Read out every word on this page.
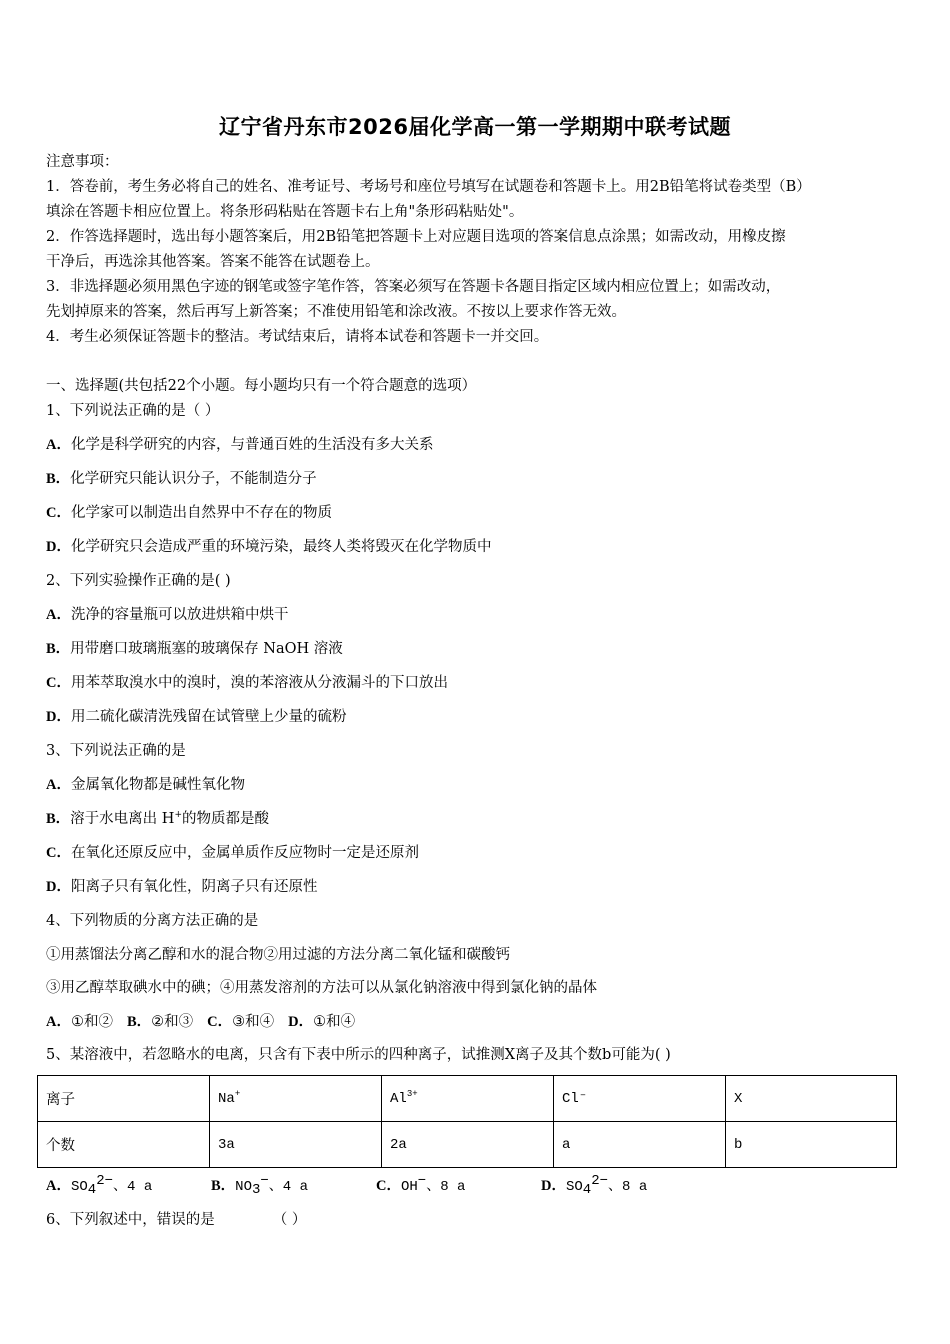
辽宁省丹东市2026届化学高一第一学期期中联考试题
注意事项：
1．答卷前，考生务必将自己的姓名、准考证号、考场号和座位号填写在试题卷和答题卡上。用2B铅笔将试卷类型（B）
填涂在答题卡相应位置上。将条形码粘贴在答题卡右上角"条形码粘贴处"。
2．作答选择题时，选出每小题答案后，用2B铅笔把答题卡上对应题目选项的答案信息点涂黑；如需改动，用橡皮擦
干净后，再选涂其他答案。答案不能答在试题卷上。
3．非选择题必须用黑色字迹的钢笔或签字笔作答，答案必须写在答题卡各题目指定区域内相应位置上；如需改动，
先划掉原来的答案，然后再写上新答案；不准使用铅笔和涂改液。不按以上要求作答无效。
4．考生必须保证答题卡的整洁。考试结束后，请将本试卷和答题卡一并交回。
一、选择题(共包括22个小题。每小题均只有一个符合题意的选项）
1、下列说法正确的是（ ）
A．化学是科学研究的内容，与普通百姓的生活没有多大关系
B．化学研究只能认识分子，不能制造分子
C．化学家可以制造出自然界中不存在的物质
D．化学研究只会造成严重的环境污染，最终人类将毁灭在化学物质中
2、下列实验操作正确的是( )
A．洗净的容量瓶可以放进烘箱中烘干
B．用带磨口玻璃瓶塞的玻璃保存 NaOH 溶液
C．用苯萃取溴水中的溴时，溴的苯溶液从分液漏斗的下口放出
D．用二硫化碳清洗残留在试管壁上少量的硫粉
3、下列说法正确的是
A．金属氧化物都是碱性氧化物
B．溶于水电离出 H+的物质都是酸
C．在氧化还原反应中，金属单质作反应物时一定是还原剂
D．阳离子只有氧化性，阴离子只有还原性
4、下列物质的分离方法正确的是
①用蒸馏法分离乙醇和水的混合物②用过滤的方法分离二氧化锰和碳酸钙
③用乙醇萃取碘水中的碘；④用蒸发溶剂的方法可以从氯化钠溶液中得到氯化钠的晶体
A．①和② B．②和③ C．③和④ D．①和④
5、某溶液中，若忽略水的电离，只含有下表中所示的四种离子，试推测X离子及其个数b可能为( )
离子	Na+	$Al^{3+}$	Cl⁻	X
个数	3a	2a	a	b
A．$SO_4^{2-}$、4 a	B．$NO_3^-$、4 a	C．OH−、8 a	D．$SO_4^{2-}$、8 a
6、下列叙述中，错误的是	（ ）
